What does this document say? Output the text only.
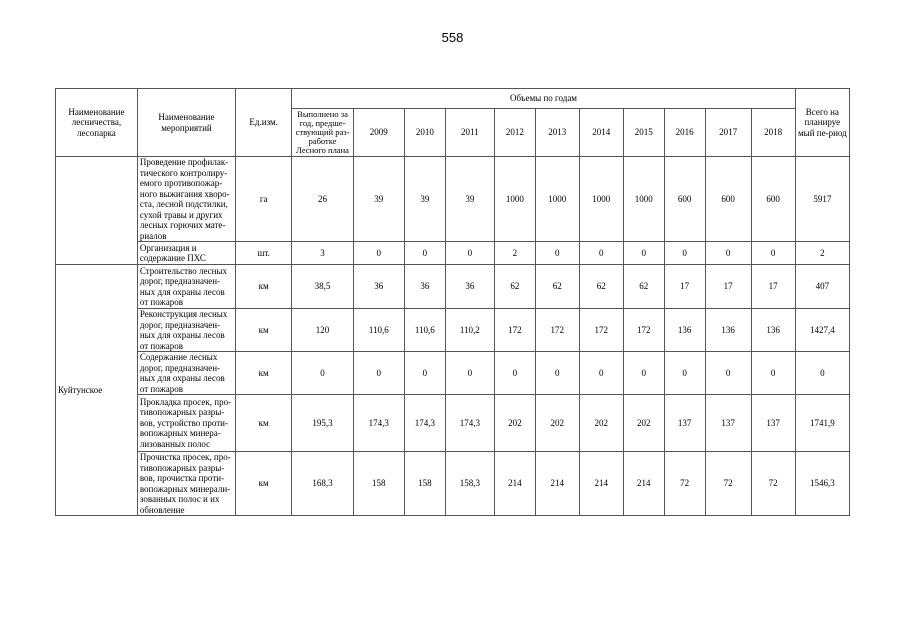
558
Наименование лесничества, лесопарка	Наименование мероприятий	Ед.изм.	Объемы по годам											Всего на планируе мый пе-риод
			Выполнено за год, предше-ствующий раз-работке Лесного плана	2009	2010	2011	2012	2013	2014	2015	2016	2017	2018	
	Проведение профилак-тического контролиру-емого противопожар-ного выжигания хворо-ста, лесной подстилки, сухой травы и других лесных горючих мате-риалов	га	26	39	39	39	1000	1000	1000	1000	600	600	600	5917
	Организация и содержание ПХС	шт.	3	0	0	0	2	0	0	0	0	0	0	2
Куйтунское	Строительство лесных дорог, предназначен-ных для охраны лесов от пожаров	км	38,5	36	36	36	62	62	62	62	17	17	17	407
	Реконструкция лесных дорог, предназначен-ных для охраны лесов от пожаров	км	120	110,6	110,6	110,2	172	172	172	172	136	136	136	1427,4
	Содержание лесных дорог, предназначен-ных для охраны лесов от пожаров	км	0	0	0	0	0	0	0	0	0	0	0	0
	Прокладка просек, про-тивопожарных разры-вов, устройство проти-вопожарных минера-лизованных полос	км	195,3	174,3	174,3	174,3	202	202	202	202	137	137	137	1741,9
	Прочистка просек, про-тивопожарных разры-вов, прочистка проти-вопожарных минерали-зованных полос и их обновление	км	168,3	158	158	158,3	214	214	214	214	72	72	72	1546,3
